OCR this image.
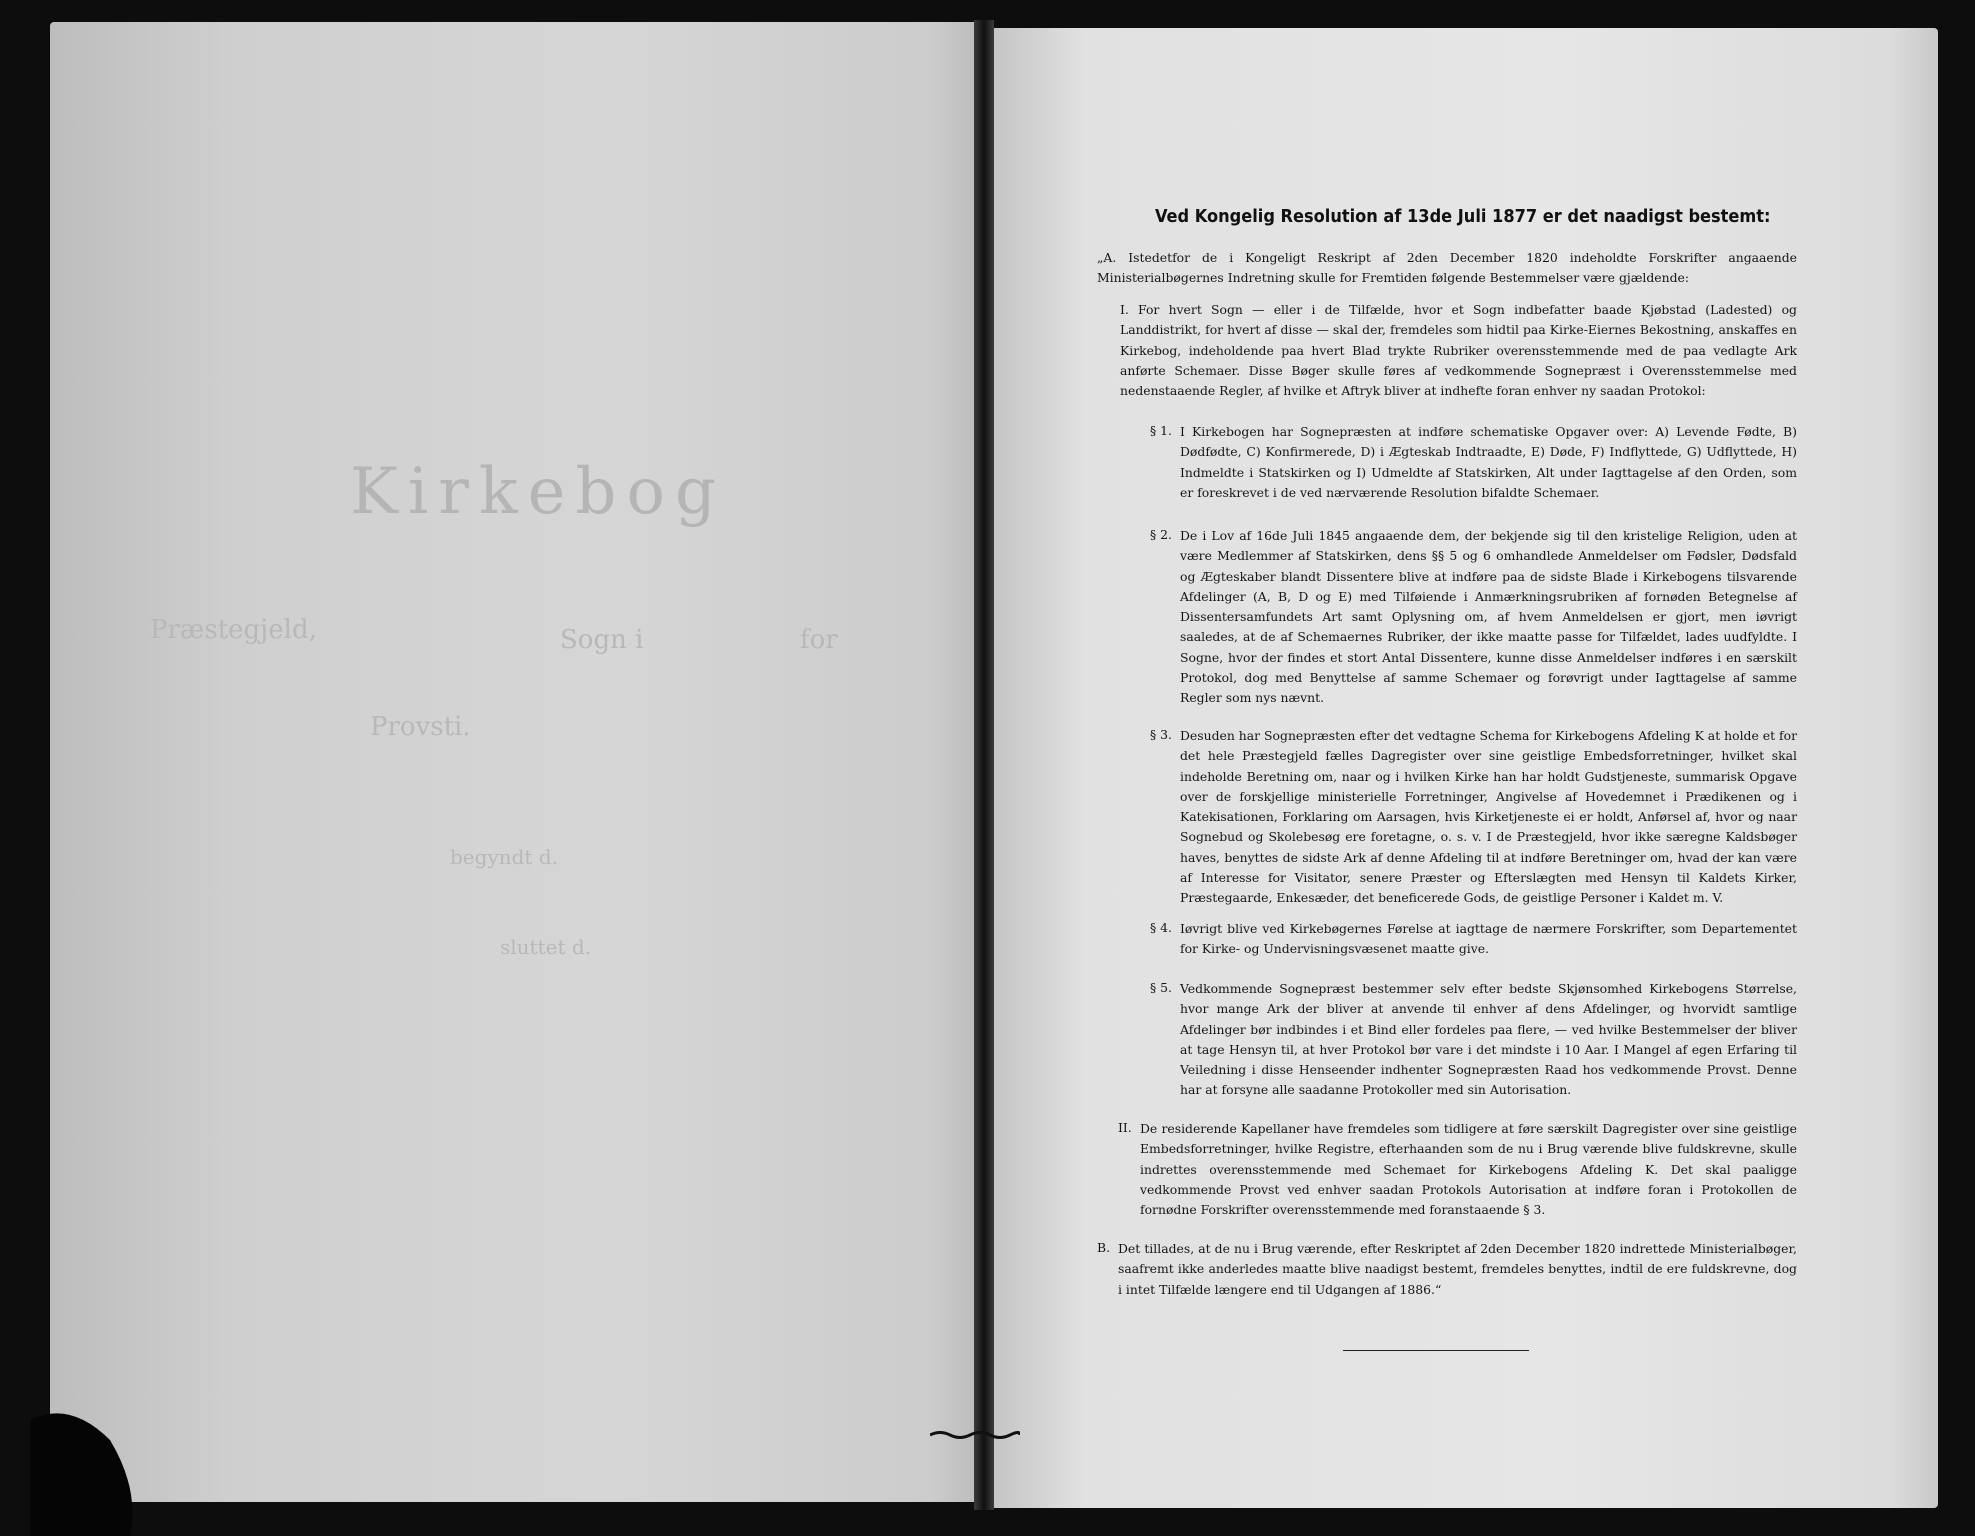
Kirkebog
Præstegjeld,	Sogn i	for
Provsti.
begyndt d.
sluttet d.
Ved Kongelig Resolution af 13de Juli 1877 er det naadigst bestemt:
„A. Istedetfor de i Kongeligt Reskript af 2den December 1820 indeholdte Forskrifter angaaende Ministerialbøgernes Indretning skulle for Fremtiden følgende Bestemmelser være gjældende:
I. For hvert Sogn — eller i de Tilfælde, hvor et Sogn indbefatter baade Kjøbstad (Ladested) og Landdistrikt, for hvert af disse — skal der, fremdeles som hidtil paa Kirke-Eiernes Bekostning, anskaffes en Kirkebog, indeholdende paa hvert Blad trykte Rubriker overensstemmende med de paa vedlagte Ark anførte Schemaer. Disse Bøger skulle føres af vedkommende Sognepræst i Overensstemmelse med nedenstaaende Regler, af hvilke et Aftryk bliver at indhefte foran enhver ny saadan Protokol:
§ 1. I Kirkebogen har Sognepræsten at indføre schematiske Opgaver over: A) Levende Fødte, B) Dødfødte, C) Konfirmerede, D) i Ægteskab Indtraadte, E) Døde, F) Indflyttede, G) Udflyttede, H) Indmeldte i Statskirken og I) Udmeldte af Statskirken, Alt under Iagttagelse af den Orden, som er foreskrevet i de ved nærværende Resolution bifaldte Schemaer.
§ 2. De i Lov af 16de Juli 1845 angaaende dem, der bekjende sig til den kristelige Religion, uden at være Medlemmer af Statskirken, dens §§ 5 og 6 omhandlede Anmeldelser om Fødsler, Dødsfald og Ægteskaber blandt Dissentere blive at indføre paa de sidste Blade i Kirkebogens tilsvarende Afdelinger (A, B, D og E) med Tilføiende i Anmærkningsrubriken af fornøden Betegnelse af Dissentersamfundets Art samt Oplysning om, af hvem Anmeldelsen er gjort, men iøvrigt saaledes, at de af Schemaernes Rubriker, der ikke maatte passe for Tilfældet, lades uudfyldte. I Sogne, hvor der findes et stort Antal Dissentere, kunne disse Anmeldelser indføres i en særskilt Protokol, dog med Benyttelse af samme Schemaer og forøvrigt under Iagttagelse af samme Regler som nys nævnt.
§ 3. Desuden har Sognepræsten efter det vedtagne Schema for Kirkebogens Afdeling K at holde et for det hele Præstegjeld fælles Dagregister over sine geistlige Embedsforretninger, hvilket skal indeholde Beretning om, naar og i hvilken Kirke han har holdt Gudstjeneste, summarisk Opgave over de forskjellige ministerielle Forretninger, Angivelse af Hovedemnet i Prædikenen og i Katekisationen, Forklaring om Aarsagen, hvis Kirketjeneste ei er holdt, Anførsel af, hvor og naar Sognebud og Skolebesøg ere foretagne, o. s. v. I de Præstegjeld, hvor ikke særegne Kaldsbøger haves, benyttes de sidste Ark af denne Afdeling til at indføre Beretninger om, hvad der kan være af Interesse for Visitator, senere Præster og Efterslægten med Hensyn til Kaldets Kirker, Præstegaarde, Enkesæder, det beneficerede Gods, de geistlige Personer i Kaldet m. V.
§ 4. Iøvrigt blive ved Kirkebøgernes Førelse at iagttage de nærmere Forskrifter, som Departementet for Kirke- og Undervisningsvæsenet maatte give.
§ 5. Vedkommende Sognepræst bestemmer selv efter bedste Skjønsomhed Kirkebogens Størrelse, hvor mange Ark der bliver at anvende til enhver af dens Afdelinger, og hvorvidt samtlige Afdelinger bør indbindes i et Bind eller fordeles paa flere, — ved hvilke Bestemmelser der bliver at tage Hensyn til, at hver Protokol bør vare i det mindste i 10 Aar. I Mangel af egen Erfaring til Veiledning i disse Henseender indhenter Sognepræsten Raad hos vedkommende Provst. Denne har at forsyne alle saadanne Protokoller med sin Autorisation.
II. De residerende Kapellaner have fremdeles som tidligere at føre særskilt Dagregister over sine geistlige Embedsforretninger, hvilke Registre, efterhaanden som de nu i Brug værende blive fuldskrevne, skulle indrettes overensstemmende med Schemaet for Kirkebogens Afdeling K. Det skal paaligge vedkommende Provst ved enhver saadan Protokols Autorisation at indføre foran i Protokollen de fornødne Forskrifter overensstemmende med foranstaaende § 3.
B. Det tillades, at de nu i Brug værende, efter Reskriptet af 2den December 1820 indrettede Ministerialbøger, saafremt ikke anderledes maatte blive naadigst bestemt, fremdeles benyttes, indtil de ere fuldskrevne, dog i intet Tilfælde længere end til Udgangen af 1886.“
